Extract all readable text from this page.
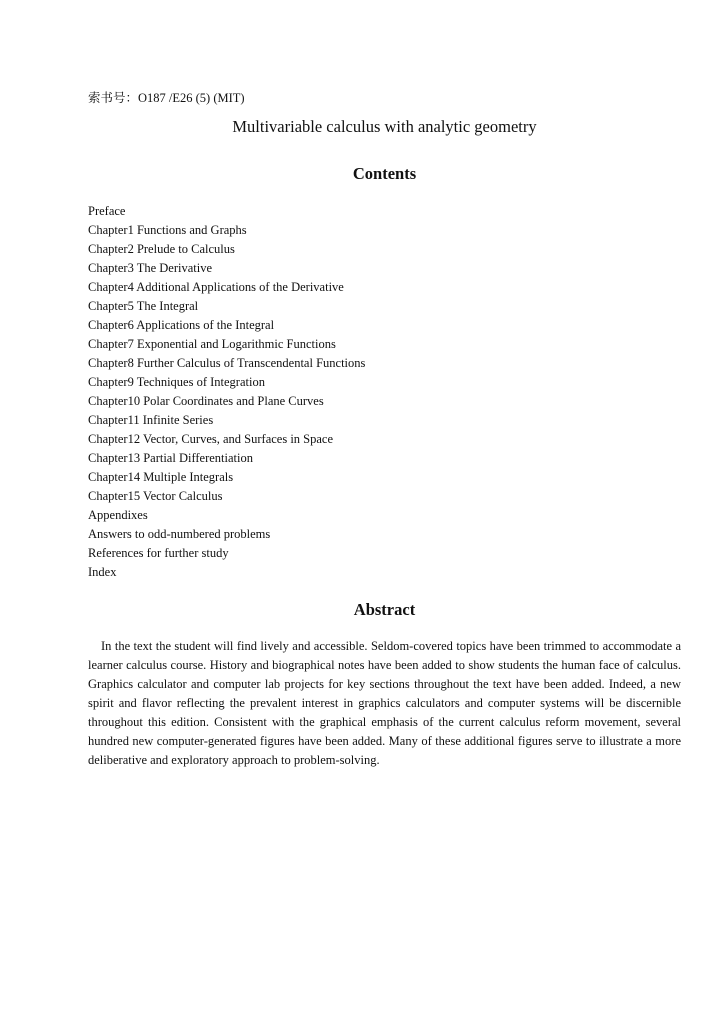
索书号：O187 /E26 (5) (MIT)
Multivariable calculus with analytic geometry
Contents
Preface
Chapter1 Functions and Graphs
Chapter2 Prelude to Calculus
Chapter3 The Derivative
Chapter4 Additional Applications of the Derivative
Chapter5 The Integral
Chapter6 Applications of the Integral
Chapter7 Exponential and Logarithmic Functions
Chapter8 Further Calculus of Transcendental Functions
Chapter9 Techniques of Integration
Chapter10 Polar Coordinates and Plane Curves
Chapter11 Infinite Series
Chapter12 Vector, Curves, and Surfaces in Space
Chapter13 Partial Differentiation
Chapter14 Multiple Integrals
Chapter15 Vector Calculus
Appendixes
Answers to odd-numbered problems
References for further study
Index
Abstract

In the text the student will find lively and accessible. Seldom-covered topics have been trimmed to accommodate a learner calculus course. History and biographical notes have been added to show students the human face of calculus. Graphics calculator and computer lab projects for key sections throughout the text have been added. Indeed, a new spirit and flavor reflecting the prevalent interest in graphics calculators and computer systems will be discernible throughout this edition. Consistent with the graphical emphasis of the current calculus reform movement, several hundred new computer-generated figures have been added. Many of these additional figures serve to illustrate a more deliberative and exploratory approach to problem-solving.
